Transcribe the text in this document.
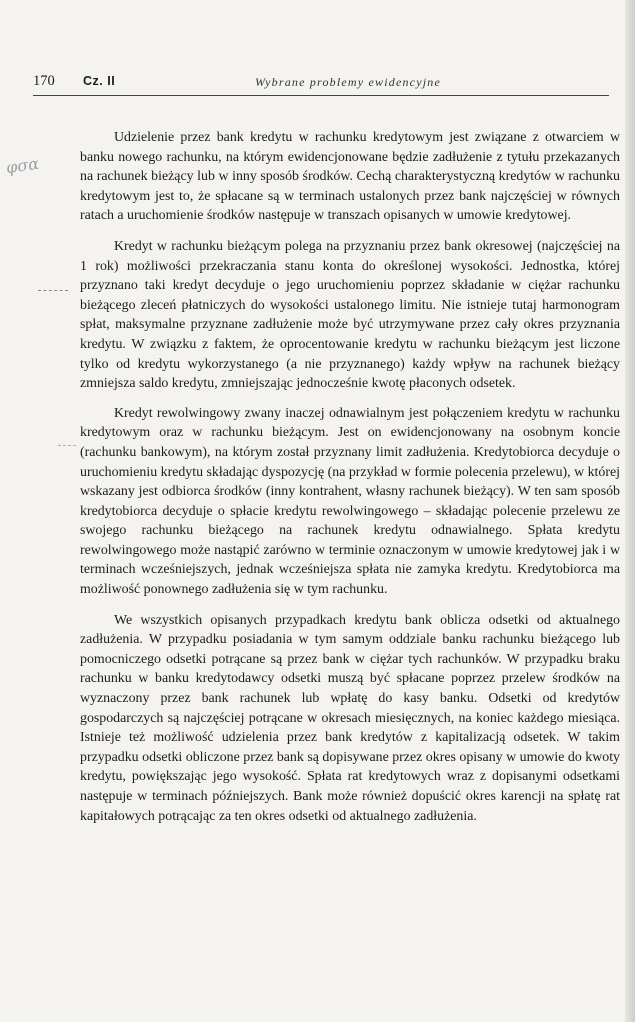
170 Cz. II	Wybrane problemy ewidencyjne
φσα

Udzielenie przez bank kredytu w rachunku kredytowym jest związane z otwarciem w banku nowego rachunku, na którym ewidencjonowane będzie zadłużenie z tytułu przekazanych na rachunek bieżący lub w inny sposób środków. Cechą charakterystyczną kredytów w rachunku kredytowym jest to, że spłacane są w terminach ustalonych przez bank najczęściej w równych ratach a uruchomienie środków następuje w transzach opisanych w umowie kredytowej.

Kredyt w rachunku bieżącym polega na przyznaniu przez bank okresowej (najczęściej na 1 rok) możliwości przekraczania stanu konta do określonej wysokości. Jednostka, której przyznano taki kredyt decyduje o jego uruchomieniu poprzez składanie w ciężar rachunku bieżącego zleceń płatniczych do wysokości ustalonego limitu. Nie istnieje tutaj harmonogram spłat, maksymalne przyznane zadłużenie może być utrzymywane przez cały okres przyznania kredytu. W związku z faktem, że oprocentowanie kredytu w rachunku bieżącym jest liczone tylko od kredytu wykorzystanego (a nie przyznanego) każdy wpływ na rachunek bieżący zmniejsza saldo kredytu, zmniejszając jednocześnie kwotę płaconych odsetek.

Kredyt rewolwingowy zwany inaczej odnawialnym jest połączeniem kredytu w rachunku kredytowym oraz w rachunku bieżącym. Jest on ewidencjonowany na osobnym koncie (rachunku bankowym), na którym został przyznany limit zadłużenia. Kredytobiorca decyduje o uruchomieniu kredytu składając dyspozycję (na przykład w formie polecenia przelewu), w której wskazany jest odbiorca środków (inny kontrahent, własny rachunek bieżący). W ten sam sposób kredytobiorca decyduje o spłacie kredytu rewolwingowego – składając polecenie przelewu ze swojego rachunku bieżącego na rachunek kredytu odnawialnego. Spłata kredytu rewolwingowego może nastąpić zarówno w terminie oznaczonym w umowie kredytowej jak i w terminach wcześniejszych, jednak wcześniejsza spłata nie zamyka kredytu. Kredytobiorca ma możliwość ponownego zadłużenia się w tym rachunku.

We wszystkich opisanych przypadkach kredytu bank oblicza odsetki od aktualnego zadłużenia. W przypadku posiadania w tym samym oddziale banku rachunku bieżącego lub pomocniczego odsetki potrącane są przez bank w ciężar tych rachunków. W przypadku braku rachunku w banku kredytodawcy odsetki muszą być spłacane poprzez przelew środków na wyznaczony przez bank rachunek lub wpłatę do kasy banku. Odsetki od kredytów gospodarczych są najczęściej potrącane w okresach miesięcznych, na koniec każdego miesiąca. Istnieje też możliwość udzielenia przez bank kredytów z kapitalizacją odsetek. W takim przypadku odsetki obliczone przez bank są dopisywane przez okres opisany w umowie do kwoty kredytu, powiększając jego wysokość. Spłata rat kredytowych wraz z dopisanymi odsetkami następuje w terminach późniejszych. Bank może również dopuścić okres karencji na spłatę rat kapitałowych potrącając za ten okres odsetki od aktualnego zadłużenia.
